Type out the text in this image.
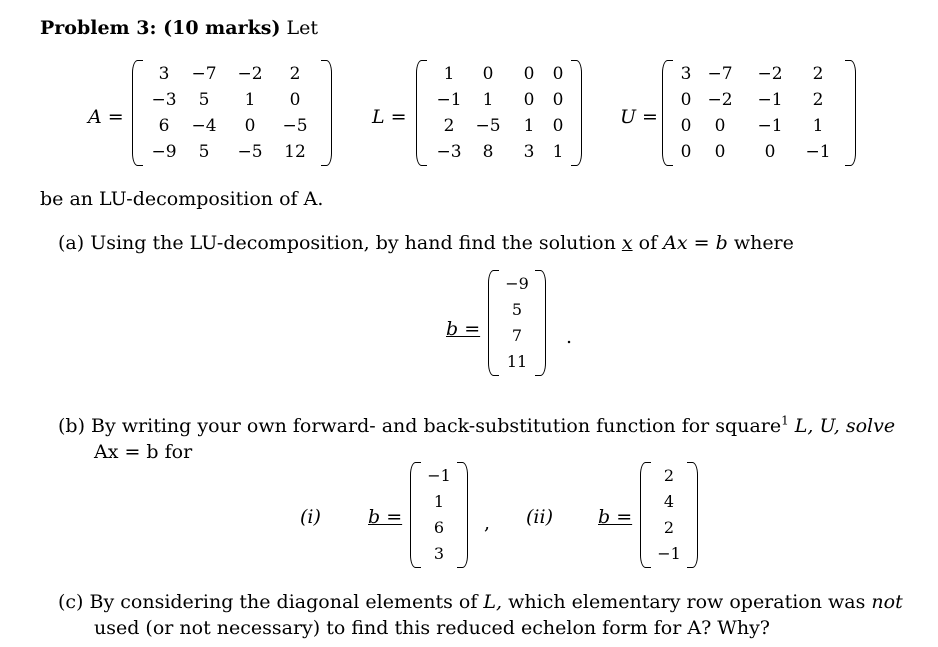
Problem 3: (10 marks) Let
A =
3	−7	−2	2
−3	5	1	0
6	−4	0	−5
−9	5	−5	12
L =
1	0	0	0
−1	1	0	0
2	−5	1	0
−3	8	3	1
U =
3 −7	−2	2
0 −2	−1	2
0	0	−1	1
0	0	0	−1
be an LU-decomposition of A.
(a) Using the LU-decomposition, by hand find the solution x of Ax = b where
b =
−9
5
7
11
.
(b) By writing your own forward- and back-substitution function for square$^1$ L, U, solve
Ax = b for
(i) b =
−1
1
6
3
, (ii) b =
2
4
2
−1
(c) By considering the diagonal elements of L, which elementary row operation was not
used (or not necessary) to find this reduced echelon form for A? Why?
